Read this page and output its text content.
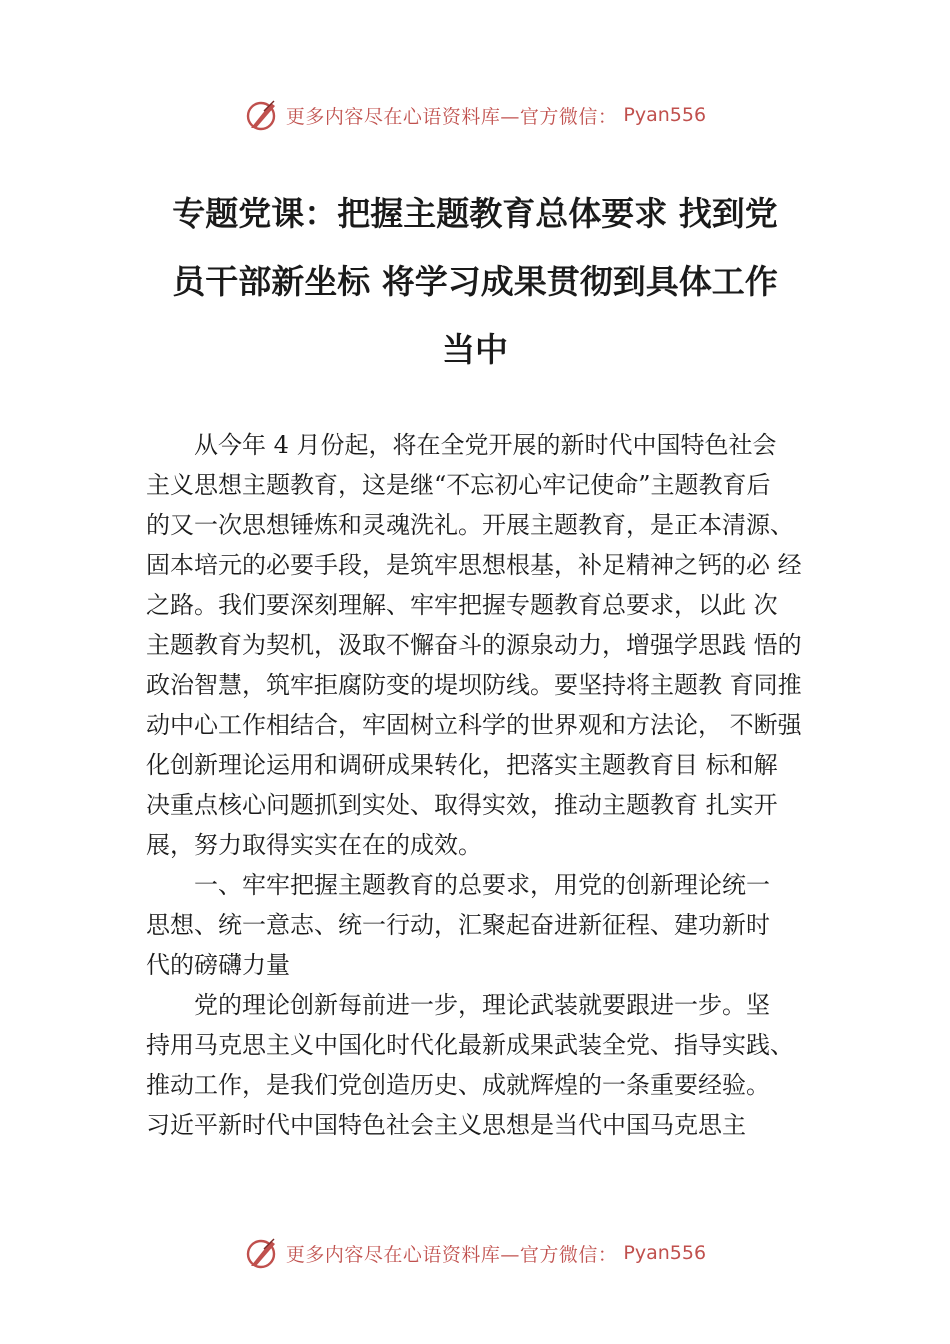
更多内容尽在心语资料库—官方微信： Pyan556
专题党课：把握主题教育总体要求 找到党
员干部新坐标 将学习成果贯彻到具体工作
当中
从今年 4 月份起，将在全党开展的新时代中国特色社会
主义思想主题教育，这是继“不忘初心牢记使命”主题教育后
的又一次思想锤炼和灵魂洗礼。开展主题教育，是正本清源、
固本培元的必要手段，是筑牢思想根基，补足精神之钙的必 经
之路。我们要深刻理解、牢牢把握专题教育总要求，以此 次
主题教育为契机，汲取不懈奋斗的源泉动力，增强学思践 悟的
政治智慧，筑牢拒腐防变的堤坝防线。要坚持将主题教 育同推
动中心工作相结合，牢固树立科学的世界观和方法论， 不断强
化创新理论运用和调研成果转化，把落实主题教育目 标和解
决重点核心问题抓到实处、取得实效，推动主题教育 扎实开
展，努力取得实实在在的成效。
一、牢牢把握主题教育的总要求，用党的创新理论统一
思想、统一意志、统一行动，汇聚起奋进新征程、建功新时
代的磅礴力量
党的理论创新每前进一步，理论武装就要跟进一步。坚
持用马克思主义中国化时代化最新成果武装全党、指导实践、
推动工作，是我们党创造历史、成就辉煌的一条重要经验。
习近平新时代中国特色社会主义思想是当代中国马克思主
更多内容尽在心语资料库—官方微信： Pyan556
